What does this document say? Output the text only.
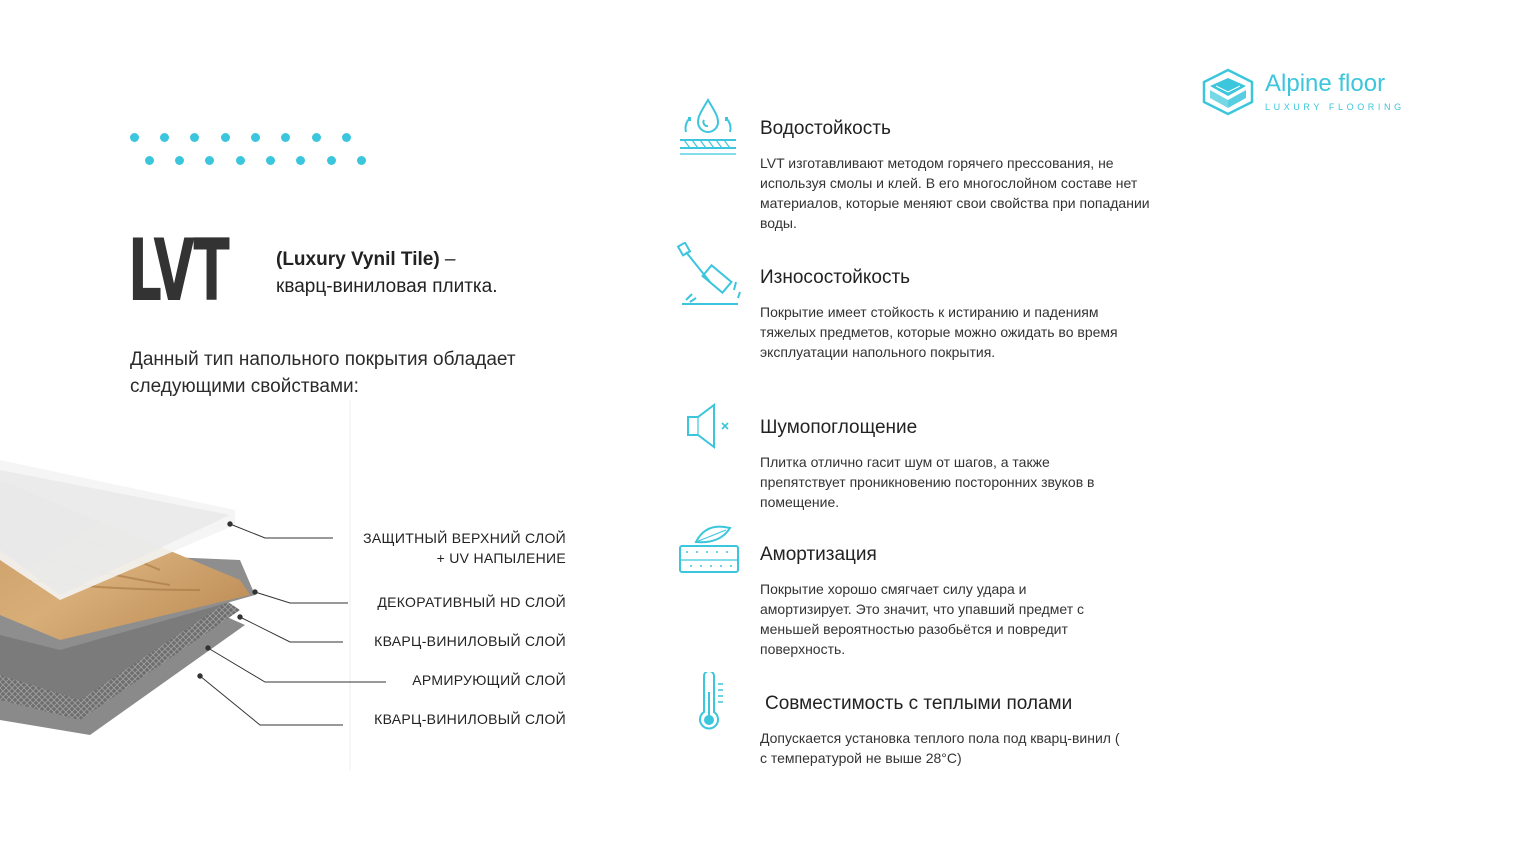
LVT (Luxury Vynil Tile) –
кварц-виниловая плитка.
Данный тип напольного покрытия обладает следующими свойствами:
ЗАЩИТНЫЙ ВЕРХНИЙ СЛОЙ
+ UV НАПЫЛЕНИЕ
ДЕКОРАТИВНЫЙ HD СЛОЙ
КВАРЦ-ВИНИЛОВЫЙ СЛОЙ
АРМИРУЮЩИЙ СЛОЙ
КВАРЦ-ВИНИЛОВЫЙ СЛОЙ
Водостойкость
LVT изготавливают методом горячего прессования, не используя смолы и клей. В его многослойном составе нет материалов, которые меняют свои свойства при попадании воды.
Износостойкость
Покрытие имеет стойкость к истиранию и падениям тяжелых предметов, которые можно ожидать во время эксплуатации напольного покрытия.
Шумопоглощение
Плитка отлично гасит шум от шагов, а также препятствует проникновению посторонних звуков в помещение.
Амортизация
Покрытие хорошо смягчает силу удара и амортизирует. Это значит, что упавший предмет с меньшей вероятностью разобьётся и повредит поверхность.
Совместимость с теплыми полами
Допускается установка теплого пола под кварц-винил ( с температурой не выше 28°C)
Alpine floor
LUXURY FLOORING
